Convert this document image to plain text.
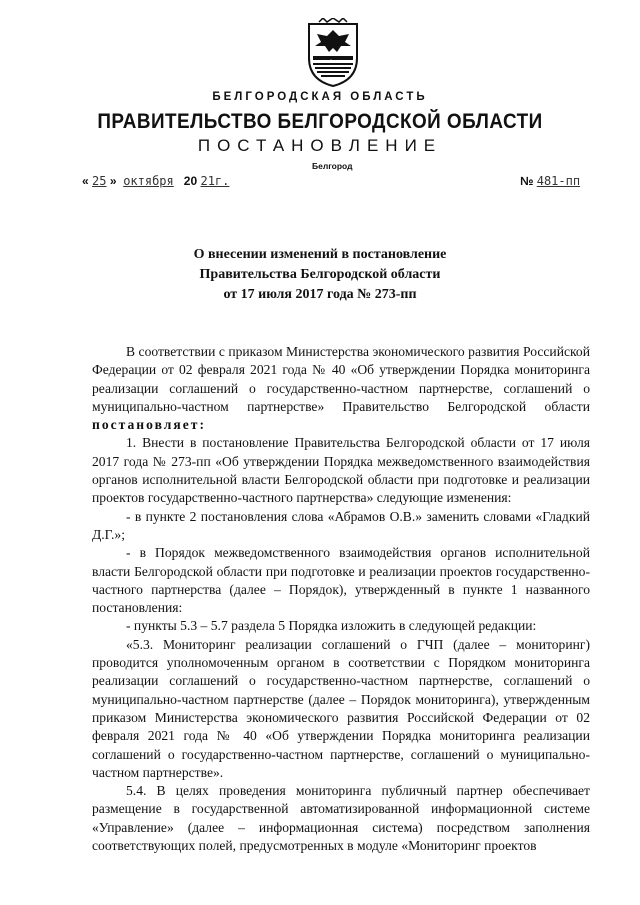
БЕЛГОРОДСКАЯ ОБЛАСТЬ
ПРАВИТЕЛЬСТВО БЕЛГОРОДСКОЙ ОБЛАСТИ
ПОСТАНОВЛЕНИЕ
Белгород
« 25 » октября 20 21г.	№ 481-пп
О внесении изменений в постановление
Правительства Белгородской области
от 17 июля 2017 года № 273-пп

В соответствии с приказом Министерства экономического развития Российской Федерации от 02 февраля 2021 года № 40 «Об утверждении Порядка мониторинга реализации соглашений о государственно-частном партнерстве, соглашений о муниципально-частном партнерстве» Правительство Белгородской области постановляет:

1. Внести в постановление Правительства Белгородской области от 17 июля 2017 года № 273-пп «Об утверждении Порядка межведомственного взаимодействия органов исполнительной власти Белгородской области при подготовке и реализации проектов государственно-частного партнерства» следующие изменения:

- в пункте 2 постановления слова «Абрамов О.В.» заменить словами «Гладкий Д.Г.»;

- в Порядок межведомственного взаимодействия органов исполнительной власти Белгородской области при подготовке и реализации проектов государственно-частного партнерства (далее – Порядок), утвержденный в пункте 1 названного постановления:

- пункты 5.3 – 5.7 раздела 5 Порядка изложить в следующей редакции:

«5.3. Мониторинг реализации соглашений о ГЧП (далее – мониторинг) проводится уполномоченным органом в соответствии с Порядком мониторинга реализации соглашений о государственно-частном партнерстве, соглашений о муниципально-частном партнерстве (далее – Порядок мониторинга), утвержденным приказом Министерства экономического развития Российской Федерации от 02 февраля 2021 года № 40 «Об утверждении Порядка мониторинга реализации соглашений о государственно-частном партнерстве, соглашений о муниципально-частном партнерстве».

5.4. В целях проведения мониторинга публичный партнер обеспечивает размещение в государственной автоматизированной информационной системе «Управление» (далее – информационная система) посредством заполнения соответствующих полей, предусмотренных в модуле «Мониторинг проектов
